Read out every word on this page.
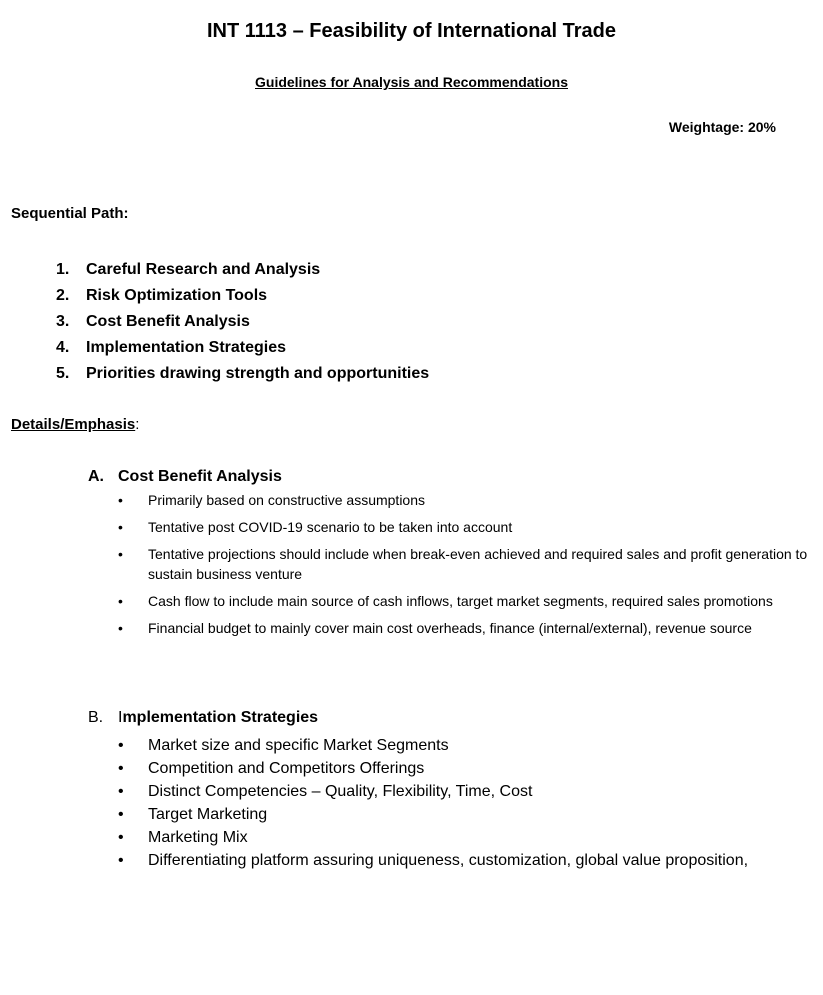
INT 1113 – Feasibility of International Trade
Guidelines for Analysis and Recommendations
Weightage: 20%
Sequential Path:
1. Careful Research and Analysis
2. Risk Optimization Tools
3. Cost Benefit Analysis
4. Implementation Strategies
5. Priorities drawing strength and opportunities
Details/Emphasis:
A. Cost Benefit Analysis
•	Primarily based on constructive assumptions
•	Tentative post COVID-19 scenario to be taken into account
•	Tentative projections should include when break-even achieved and required sales and profit generation to sustain business venture
•	Cash flow to include main source of cash inflows, target market segments, required sales promotions
•	Financial budget to mainly cover main cost overheads, finance (internal/external), revenue source
B. Implementation Strategies
•	Market size and specific Market Segments
•	Competition and Competitors Offerings
•	Distinct Competencies – Quality, Flexibility, Time, Cost
•	Target Marketing
•	Marketing Mix
•	Differentiating platform assuring uniqueness, customization, global value proposition,
